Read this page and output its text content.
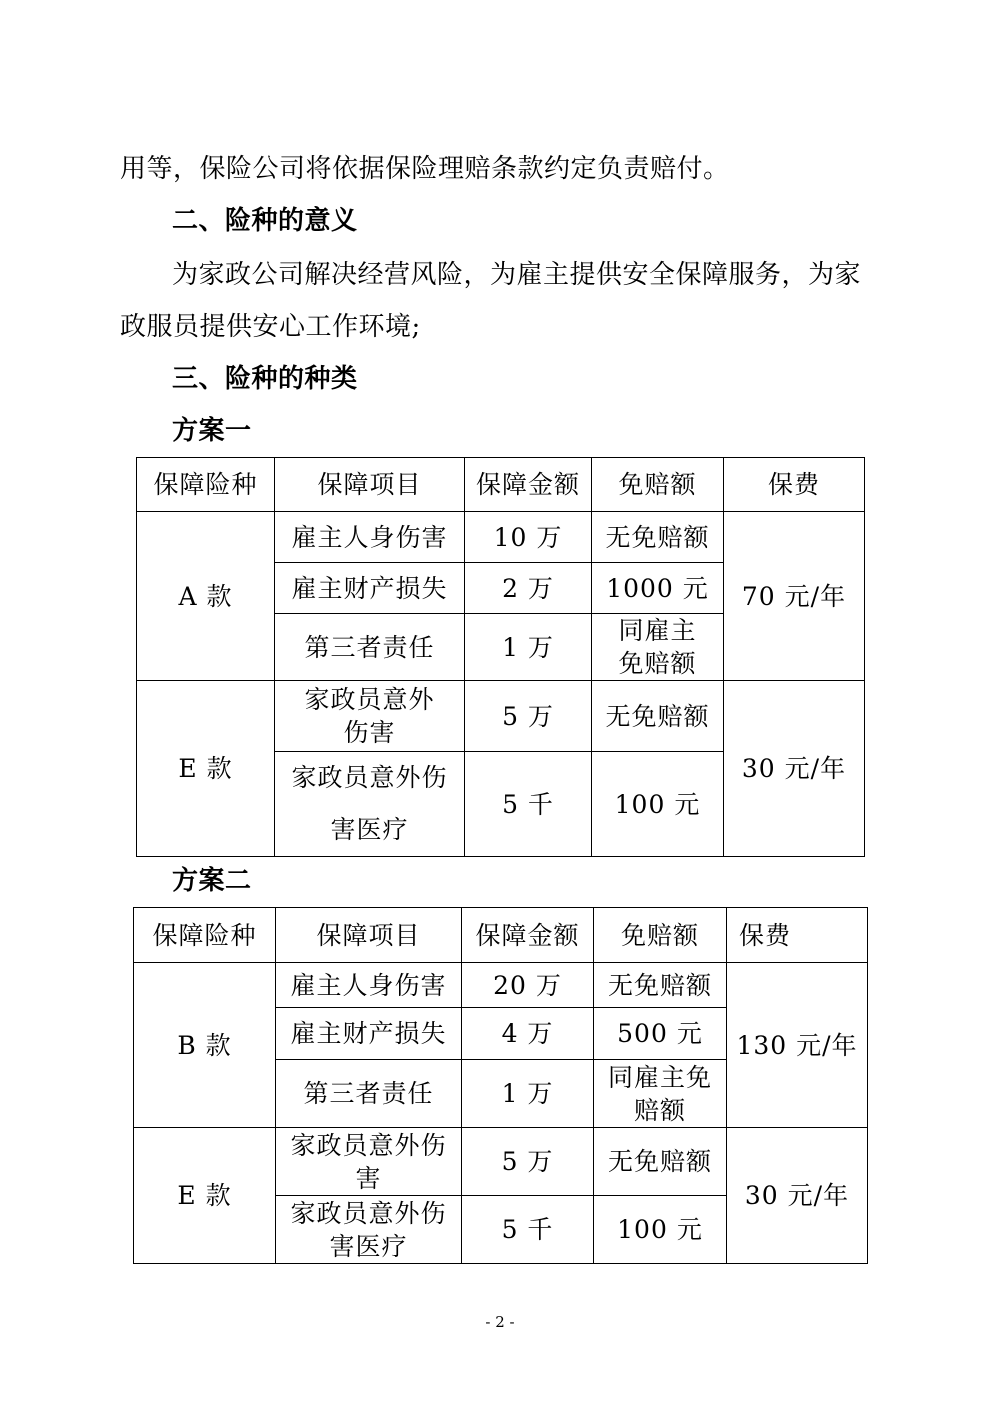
用等，保险公司将依据保险理赔条款约定负责赔付。
二、险种的意义
为家政公司解决经营风险，为雇主提供安全保障服务，为家
政服员提供安心工作环境;
三、险种的种类
方案一
保障险种	保障项目	保障金额	免赔额	保费
A 款	雇主人身伤害	10 万	无免赔额	70 元/年
	雇主财产损失	2 万	1000 元	
	第三者责任	1 万	同雇主
免赔额	

E 款	家政员意外
伤害	5 万	无免赔额	30 元/年

	家政员意外伤
害医疗	5 千	100 元	
方案二
保障险种	保障项目	保障金额	免赔额	保费
B 款	雇主人身伤害	20 万	无免赔额	130 元/年
	雇主财产损失	4 万	500 元	
	第三者责任	1 万	同雇主免
赔额	

E 款	家政员意外伤
害	5 万	无免赔额	30 元/年

	家政员意外伤
害医疗	5 千	100 元	
- 2 -
